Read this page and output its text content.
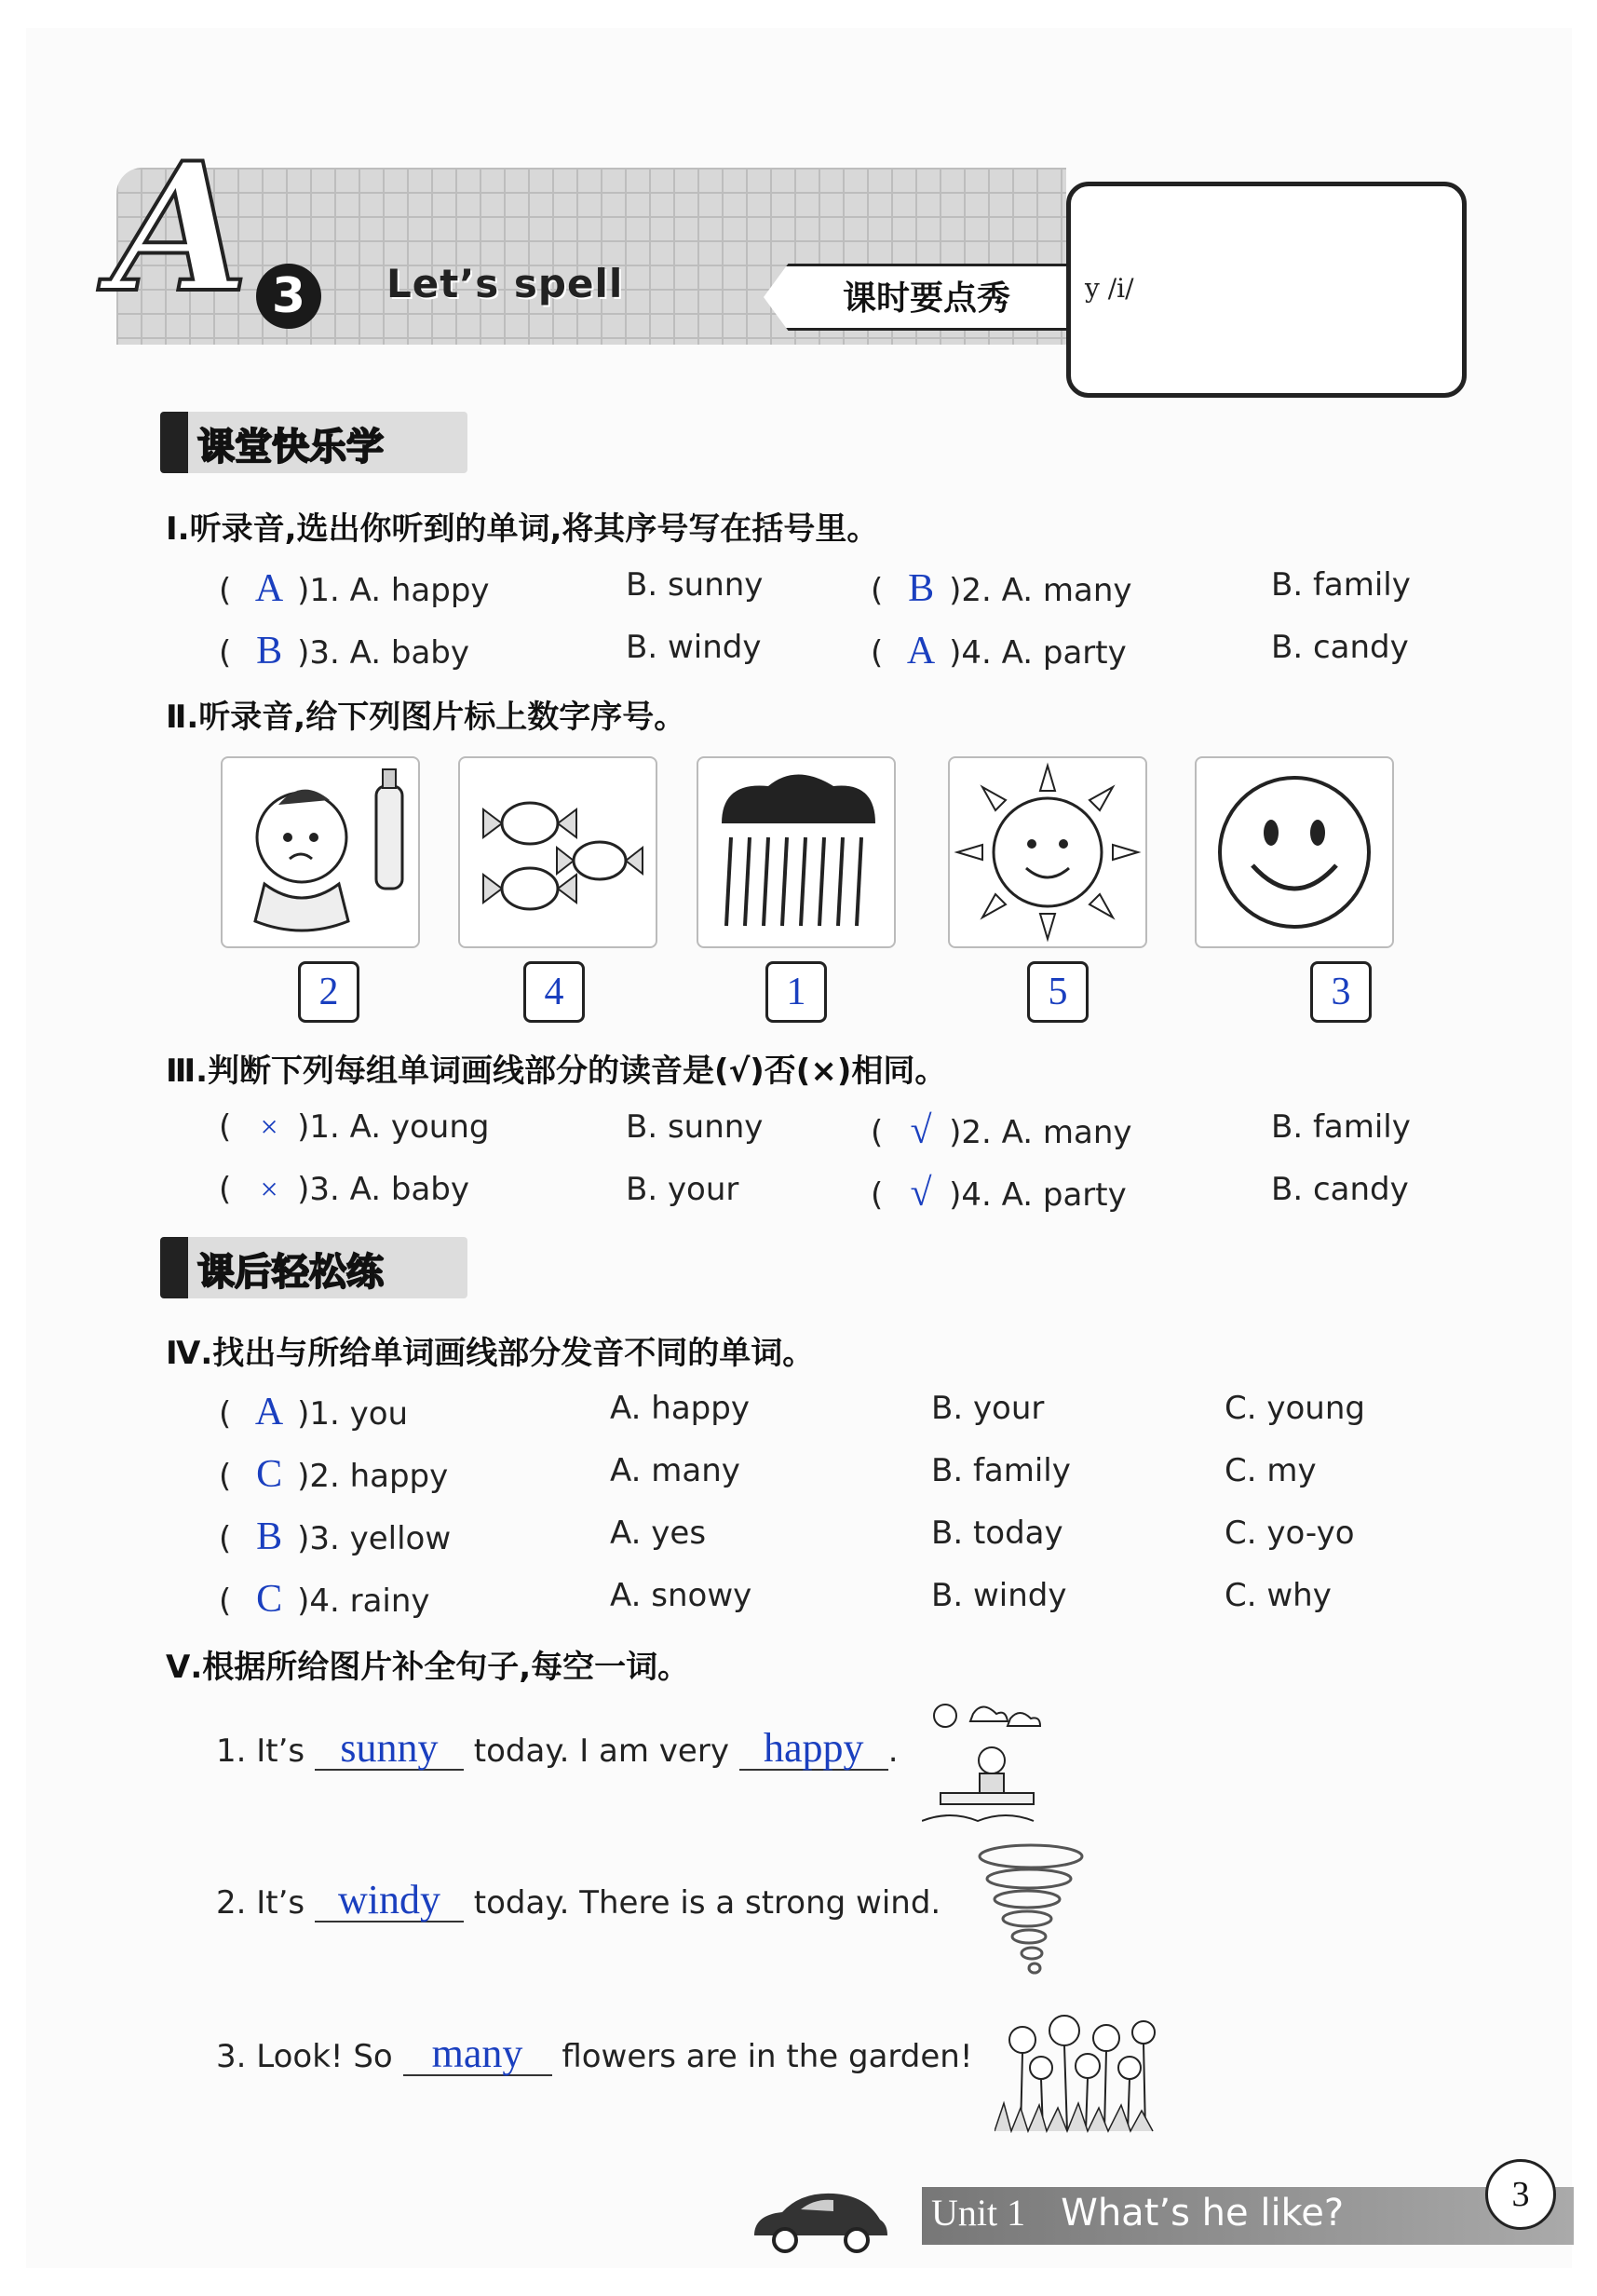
A 3	Let’s spell	课时要点秀	y /i/
课堂快乐学
Ⅰ.听录音,选出你听到的单词,将其序号写在括号里。
( A )1. A. happy	B. sunny	( B )2. A. many	B. family
( B )3. A. baby	B. windy	( A )4. A. party	B. candy
Ⅱ.听录音,给下列图片标上数字序号。
2	4	1	5	3
Ⅲ.判断下列每组单词画线部分的读音是(√)否(×)相同。
( × )1. A. young	B. sunny	( √ )2. A. many	B. family
( × )3. A. baby	B. your	( √ )4. A. party	B. candy
课后轻松练
Ⅳ.找出与所给单词画线部分发音不同的单词。
( A )1. you	A. happy	B. your	C. young
( C )2. happy	A. many	B. family	C. my
( B )3. yellow	A. yes	B. today	C. yo-yo
( C )4. rainy	A. snowy	B. windy	C. why
Ⅴ.根据所给图片补全句子,每空一词。
1. It’s sunny today. I am very happy .
2. It’s windy today. There is a strong wind.
3. Look! So many flowers are in the garden!
Unit 1 What’s he like?	3
